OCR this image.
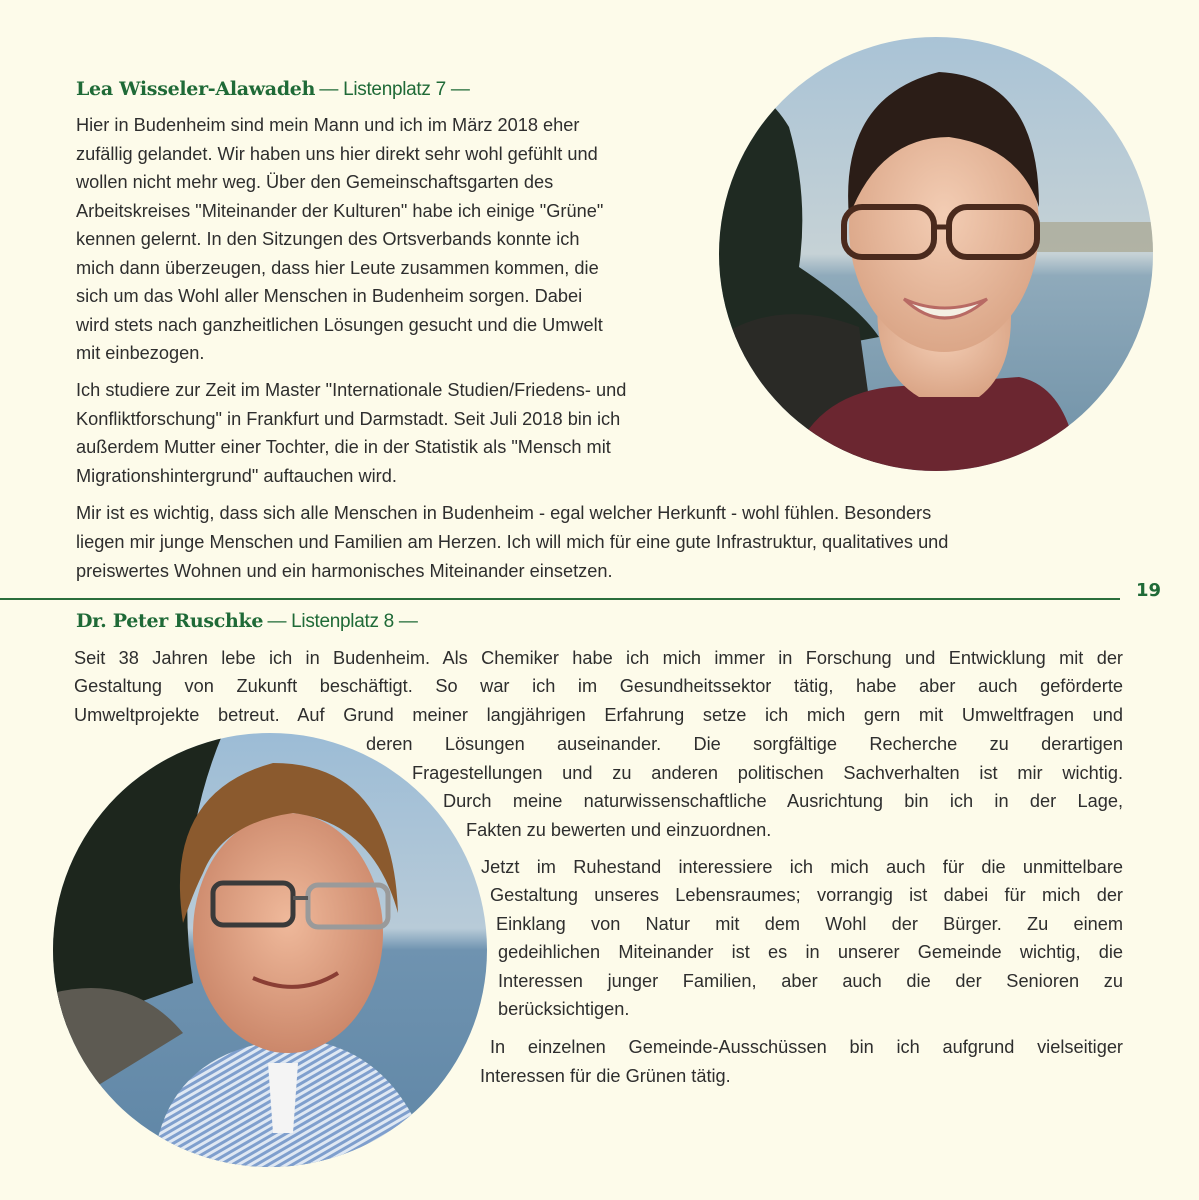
Lea Wisseler-Alawadeh — Listenplatz 7 —
Hier in Budenheim sind mein Mann und ich im März 2018 eher
zufällig gelandet. Wir haben uns hier direkt sehr wohl gefühlt und
wollen nicht mehr weg. Über den Gemeinschaftsgarten des
Arbeitskreises "Miteinander der Kulturen" habe ich einige "Grüne"
kennen gelernt. In den Sitzungen des Ortsverbands konnte ich
mich dann überzeugen, dass hier Leute zusammen kommen, die
sich um das Wohl aller Menschen in Budenheim sorgen. Dabei
wird stets nach ganzheitlichen Lösungen gesucht und die Umwelt
mit einbezogen.
Ich studiere zur Zeit im Master "Internationale Studien/Friedens- und
Konfliktforschung" in Frankfurt und Darmstadt. Seit Juli 2018 bin ich
außerdem Mutter einer Tochter, die in der Statistik als "Mensch mit
Migrationshintergrund" auftauchen wird.
Mir ist es wichtig, dass sich alle Menschen in Budenheim - egal welcher Herkunft - wohl fühlen. Besonders
liegen mir junge Menschen und Familien am Herzen. Ich will mich für eine gute Infrastruktur, qualitatives und
preiswertes Wohnen und ein harmonisches Miteinander einsetzen.
19
Dr. Peter Ruschke — Listenplatz 8 —
Seit 38 Jahren lebe ich in Budenheim. Als Chemiker habe ich mich immer in Forschung und Entwicklung mit der
Gestaltung von Zukunft beschäftigt. So war ich im Gesundheitssektor tätig, habe aber auch geförderte
Umweltprojekte betreut. Auf Grund meiner langjährigen Erfahrung setze ich mich gern mit Umweltfragen und
deren Lösungen auseinander. Die sorgfältige Recherche zu derartigen
Fragestellungen und zu anderen politischen Sachverhalten ist mir wichtig.
Durch meine naturwissenschaftliche Ausrichtung bin ich in der Lage,
Fakten zu bewerten und einzuordnen.
Jetzt im Ruhestand interessiere ich mich auch für die unmittelbare
Gestaltung unseres Lebensraumes; vorrangig ist dabei für mich der
Einklang von Natur mit dem Wohl der Bürger. Zu einem
gedeihlichen Miteinander ist es in unserer Gemeinde wichtig, die
Interessen junger Familien, aber auch die der Senioren zu
berücksichtigen.
In einzelnen Gemeinde-Ausschüssen bin ich aufgrund vielseitiger
Interessen für die Grünen tätig.
